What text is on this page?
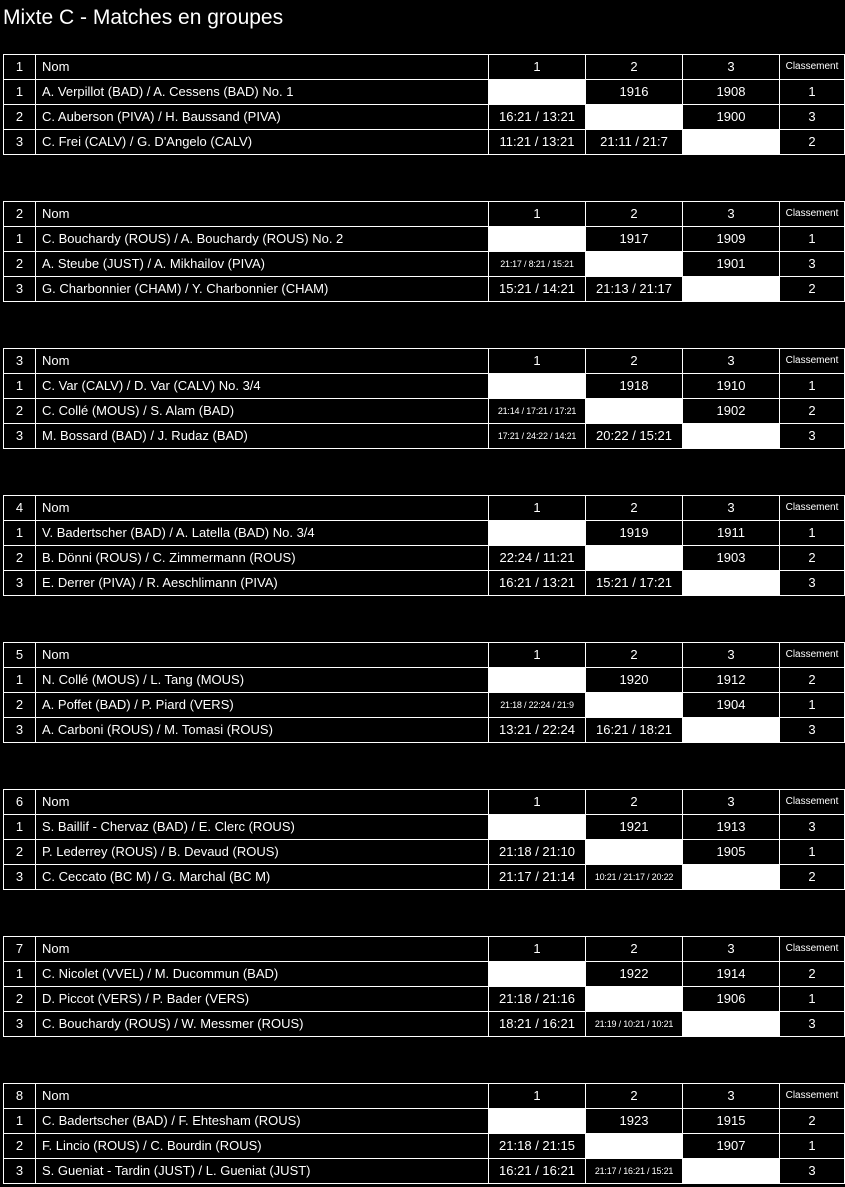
Mixte C - Matches en groupes
1	Nom	1	2	3	Classement
1	A. Verpillot (BAD) / A. Cessens (BAD) No. 1		1916	1908	1
2	C. Auberson (PIVA) / H. Baussand (PIVA)	16:21 / 13:21		1900	3
3	C. Frei (CALV) / G. D'Angelo (CALV)	11:21 / 13:21	21:11 / 21:7		2
2	Nom	1	2	3	Classement
1	C. Bouchardy (ROUS) / A. Bouchardy (ROUS) No. 2		1917	1909	1
2	A. Steube (JUST) / A. Mikhailov (PIVA)	21:17 / 8:21 / 15:21		1901	3
3	G. Charbonnier (CHAM) / Y. Charbonnier (CHAM)	15:21 / 14:21	21:13 / 21:17		2
3	Nom	1	2	3	Classement
1	C. Var (CALV) / D. Var (CALV) No. 3/4		1918	1910	1
2	C. Collé (MOUS) / S. Alam (BAD)	21:14 / 17:21 / 17:21		1902	2
3	M. Bossard (BAD) / J. Rudaz (BAD)	17:21 / 24:22 / 14:21	20:22 / 15:21		3
4	Nom	1	2	3	Classement
1	V. Badertscher (BAD) / A. Latella (BAD) No. 3/4		1919	1911	1
2	B. Dönni (ROUS) / C. Zimmermann (ROUS)	22:24 / 11:21		1903	2
3	E. Derrer (PIVA) / R. Aeschlimann (PIVA)	16:21 / 13:21	15:21 / 17:21		3
5	Nom	1	2	3	Classement
1	N. Collé (MOUS) / L. Tang (MOUS)		1920	1912	2
2	A. Poffet (BAD) / P. Piard (VERS)	21:18 / 22:24 / 21:9		1904	1
3	A. Carboni (ROUS) / M. Tomasi (ROUS)	13:21 / 22:24	16:21 / 18:21		3
6	Nom	1	2	3	Classement
1	S. Baillif - Chervaz (BAD) / E. Clerc (ROUS)		1921	1913	3
2	P. Lederrey (ROUS) / B. Devaud (ROUS)	21:18 / 21:10		1905	1
3	C. Ceccato (BC M) / G. Marchal (BC M)	21:17 / 21:14	10:21 / 21:17 / 20:22		2
7	Nom	1	2	3	Classement
1	C. Nicolet (VVEL) / M. Ducommun (BAD)		1922	1914	2
2	D. Piccot (VERS) / P. Bader (VERS)	21:18 / 21:16		1906	1
3	C. Bouchardy (ROUS) / W. Messmer (ROUS)	18:21 / 16:21	21:19 / 10:21 / 10:21		3
8	Nom	1	2	3	Classement
1	C. Badertscher (BAD) / F. Ehtesham (ROUS)		1923	1915	2
2	F. Lincio (ROUS) / C. Bourdin (ROUS)	21:18 / 21:15		1907	1
3	S. Gueniat - Tardin (JUST) / L. Gueniat (JUST)	16:21 / 16:21	21:17 / 16:21 / 15:21		3
